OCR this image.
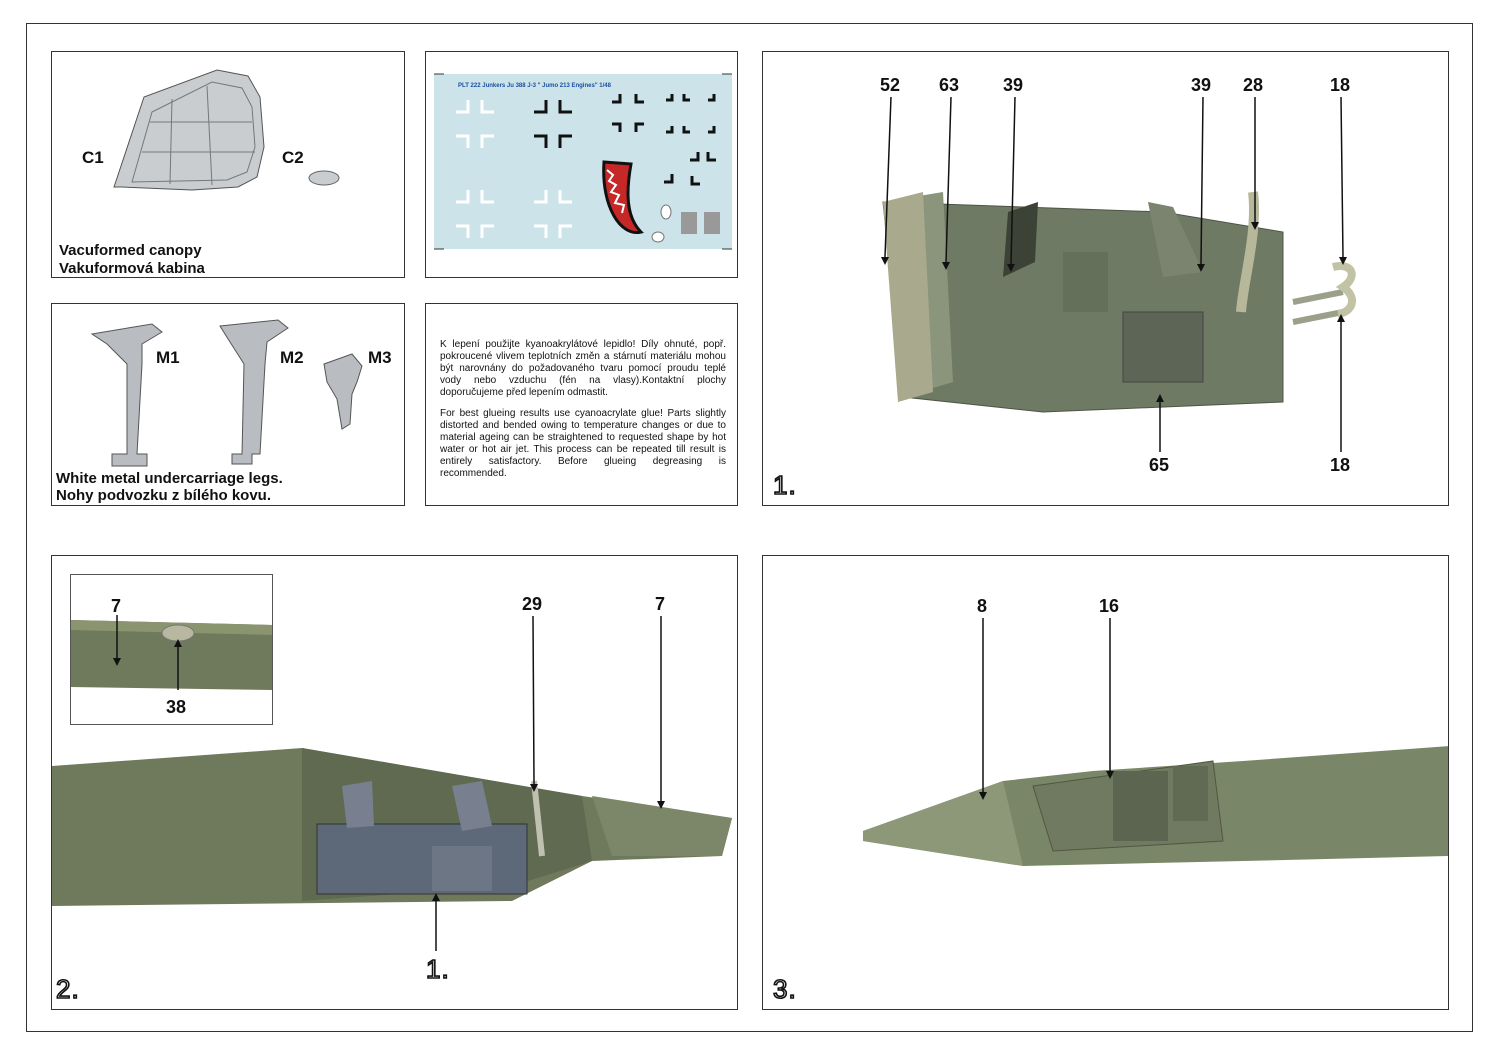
C1	C2
Vacuformed canopy
Vakuformová kabina
PLT 222 Junkers Ju 388 J-3 " Jumo 213 Engines" 1/48
M1	M2	M3
White metal undercarriage legs.
Nohy podvozku z bílého kovu.
K lepení použijte kyanoakrylátové lepidlo! Díly ohnuté, popř. pokroucené vlivem teplotních změn a stárnutí materiálu mohou být narovnány do požadovaného tvaru pomocí proudu teplé vody nebo vzduchu (fén na vlasy).Kontaktní plochy doporučujeme před lepením odmastit.
For best glueing results use cyanoacrylate glue! Parts slightly distorted and bended owing to temperature changes or due to material ageing can be straightened to requested shape by hot water or hot air jet. This process can be repeated till result is entirely satisfactory. Before glueing degreasing is recommended.
52 63 39	39 28	18
65	18
1.
7
38
29	7
1.
2.
8	16
3.
